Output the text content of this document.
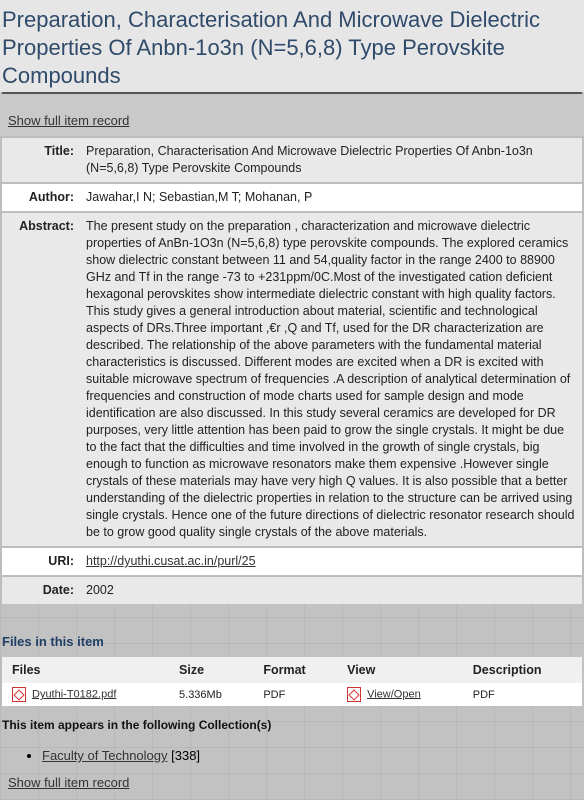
Preparation, Characterisation And Microwave Dielectric Properties Of Anbn-1o3n (N=5,6,8) Type Perovskite Compounds
Show full item record
Title:	Preparation, Characterisation And Microwave Dielectric Properties Of Anbn-1o3n (N=5,6,8) Type Perovskite Compounds
Author:	Jawahar,I N; Sebastian,M T; Mohanan, P
Abstract:	The present study on the preparation , characterization and microwave dielectric properties of AnBn-1O3n (N=5,6,8) type perovskite compounds. The explored ceramics show dielectric constant between 11 and 54,quality factor in the range 2400 to 88900 GHz and Tf in the range -73 to +231ppm/0C.Most of the investigated cation deficient hexagonal perovskites show intermediate dielectric constant with high quality factors. This study gives a general introduction about material, scientific and technological aspects of DRs.Three important ,€r ,Q and Tf, used for the DR characterization are described. The relationship of the above parameters with the fundamental material characteristics is discussed. Different modes are excited when a DR is excited with suitable microwave spectrum of frequencies .A description of analytical determination of frequencies and construction of mode charts used for sample design and mode identification are also discussed. In this study several ceramics are developed for DR purposes, very little attention has been paid to grow the single crystals. It might be due to the fact that the difficulties and time involved in the growth of single crystals, big enough to function as microwave resonators make them expensive .However single crystals of these materials may have very high Q values. It is also possible that a better understanding of the dielectric properties in relation to the structure can be arrived using single crystals. Hence one of the future directions of dielectric resonator research should be to grow good quality single crystals of the above materials.
URI:	http://dyuthi.cusat.ac.in/purl/25
Date:	2002
Files in this item
Files	Size	Format	View	Description
Dyuthi-T0182.pdf	5.336Mb	PDF	View/Open	PDF
This item appears in the following Collection(s)
• Faculty of Technology [338]
Show full item record
